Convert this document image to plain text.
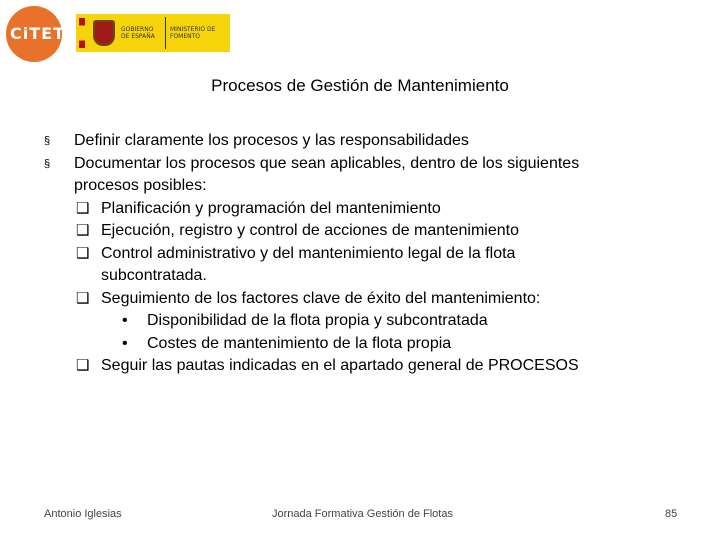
CiTET	GOBIERNO DE ESPAÑA
MINISTERIO DE FOMENTO
Procesos de Gestión de Mantenimiento
§ Definir claramente los procesos y las responsabilidades
§ Documentar los procesos que sean aplicables, dentro de los siguientes
procesos posibles:
❑ Planificación y programación del mantenimiento
❑ Ejecución, registro y control de acciones de mantenimiento
❑ Control administrativo y del mantenimiento legal de la flota
subcontratada.
❑ Seguimiento de los factores clave de éxito del mantenimiento:
• Disponibilidad de la flota propia y subcontratada
• Costes de mantenimiento de la flota propia
❑ Seguir las pautas indicadas en el apartado general de PROCESOS
Antonio Iglesias	Jornada Formativa Gestión de Flotas	85
